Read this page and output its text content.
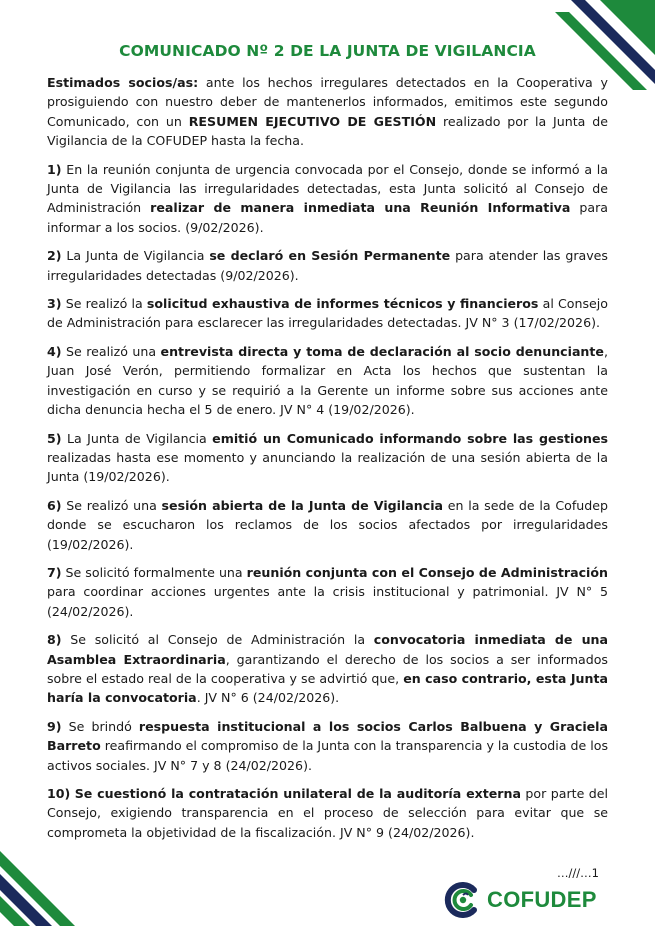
COMUNICADO Nº 2 DE LA JUNTA DE VIGILANCIA

Estimados socios/as: ante los hechos irregulares detectados en la Cooperativa y prosiguiendo con nuestro deber de mantenerlos informados, emitimos este segundo Comunicado, con un RESUMEN EJECUTIVO DE GESTIÓN realizado por la Junta de Vigilancia de la COFUDEP hasta la fecha.

1) En la reunión conjunta de urgencia convocada por el Consejo, donde se informó a la Junta de Vigilancia las irregularidades detectadas, esta Junta solicitó al Consejo de Administración realizar de manera inmediata una Reunión Informativa para informar a los socios. (9/02/2026).

2) La Junta de Vigilancia se declaró en Sesión Permanente para atender las graves irregularidades detectadas (9/02/2026).

3) Se realizó la solicitud exhaustiva de informes técnicos y financieros al Consejo de Administración para esclarecer las irregularidades detectadas. JV N° 3 (17/02/2026).

4) Se realizó una entrevista directa y toma de declaración al socio denunciante, Juan José Verón, permitiendo formalizar en Acta los hechos que sustentan la investigación en curso y se requirió a la Gerente un informe sobre sus acciones ante dicha denuncia hecha el 5 de enero. JV N° 4 (19/02/2026).

5) La Junta de Vigilancia emitió un Comunicado informando sobre las gestiones realizadas hasta ese momento y anunciando la realización de una sesión abierta de la Junta (19/02/2026).

6) Se realizó una sesión abierta de la Junta de Vigilancia en la sede de la Cofudep donde se escucharon los reclamos de los socios afectados por irregularidades (19/02/2026).

7) Se solicitó formalmente una reunión conjunta con el Consejo de Administración para coordinar acciones urgentes ante la crisis institucional y patrimonial. JV N° 5 (24/02/2026).

8) Se solicitó al Consejo de Administración la convocatoria inmediata de una Asamblea Extraordinaria, garantizando el derecho de los socios a ser informados sobre el estado real de la cooperativa y se advirtió que, en caso contrario, esta Junta haría la convocatoria. JV N° 6 (24/02/2026).

9) Se brindó respuesta institucional a los socios Carlos Balbuena y Graciela Barreto reafirmando el compromiso de la Junta con la transparencia y la custodia de los activos sociales. JV N° 7 y 8 (24/02/2026).

10) Se cuestionó la contratación unilateral de la auditoría externa por parte del Consejo, exigiendo transparencia en el proceso de selección para evitar que se comprometa la objetividad de la fiscalización. JV N° 9 (24/02/2026).

…///…1
COFUDEP
